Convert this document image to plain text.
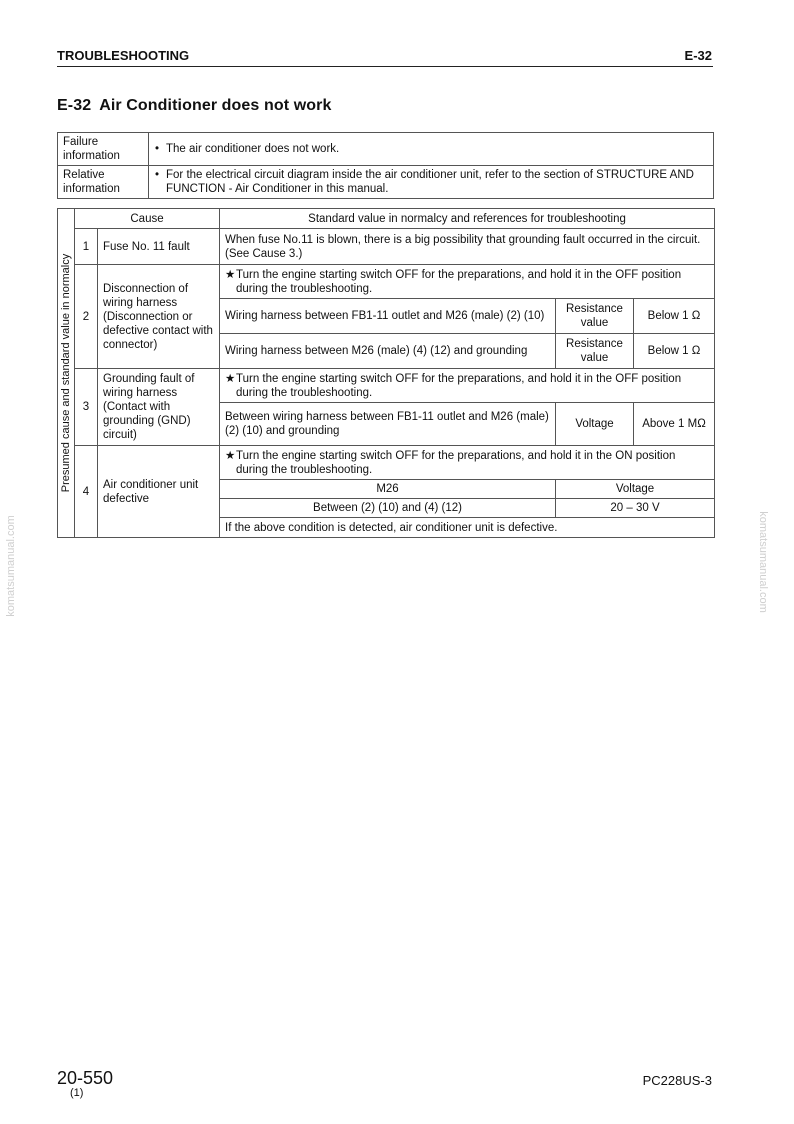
TROUBLESHOOTING	E-32
E-32 Air Conditioner does not work
Failure information	• The air conditioner does not work.

Relative information	• For the electrical circuit diagram inside the air conditioner unit, refer to the section of STRUCTURE AND FUNCTION - Air Conditioner in this manual.
Presumed cause and standard value in normalcy	Cause		Standard value in normalcy and references for troubleshooting		
	1	Fuse No. 11 fault	When fuse No.11 is blown, there is a big possibility that grounding fault occurred in the circuit. (See Cause 3.)		
	2	Disconnection of wiring harness (Disconnection or defective contact with connector)	★ Turn the engine starting switch OFF for the preparations, and hold it in the OFF position during the troubleshooting.		

			Wiring harness between FB1-11 outlet and M26 (male) (2) (10)	Resistance value	Below 1 Ω
			Wiring harness between M26 (male) (4) (12) and grounding	Resistance value	Below 1 Ω
	3	Grounding fault of wiring harness (Contact with grounding (GND) circuit)	★ Turn the engine starting switch OFF for the preparations, and hold it in the OFF position during the troubleshooting.		

			Between wiring harness between FB1-11 outlet and M26 (male) (2) (10) and grounding	Voltage	Above 1 MΩ
	4	Air conditioner unit defective	★ Turn the engine starting switch OFF for the preparations, and hold it in the ON position during the troubleshooting.		

			M26	Voltage	
			Between (2) (10) and (4) (12)	20 – 30 V	
			If the above condition is detected, air conditioner unit is defective.		
komatsumanual.com	komatsumanual.com
20-550
(1)
PC228US-3
